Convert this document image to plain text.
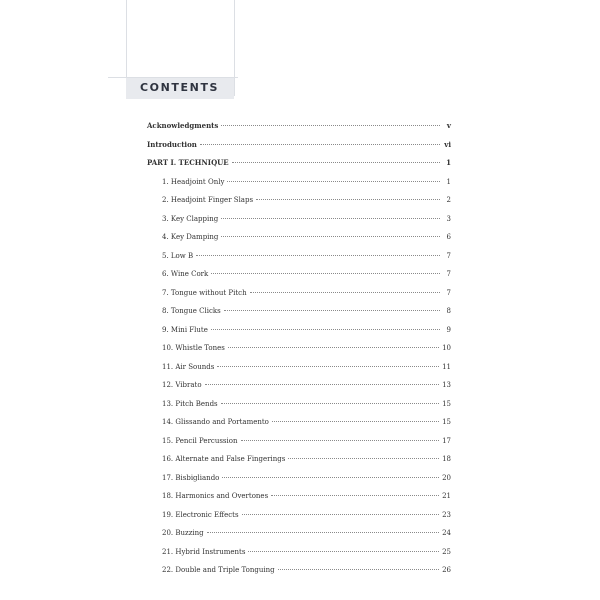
CONTENTS
Acknowledgments	v
Introduction	vi
PART I. TECHNIQUE	1
1. Headjoint Only	1
2. Headjoint Finger Slaps	2
3. Key Clapping	3
4. Key Damping	6
5. Low B	7
6. Wine Cork	7
7. Tongue without Pitch	7
8. Tongue Clicks	8
9. Mini Flute	9
10. Whistle Tones	10
11. Air Sounds	11
12. Vibrato	13
13. Pitch Bends	15
14. Glissando and Portamento	15
15. Pencil Percussion	17
16. Alternate and False Fingerings	18
17. Bisbigliando	20
18. Harmonics and Overtones	21
19. Electronic Effects	23
20. Buzzing	24
21. Hybrid Instruments	25
22. Double and Triple Tonguing	26
